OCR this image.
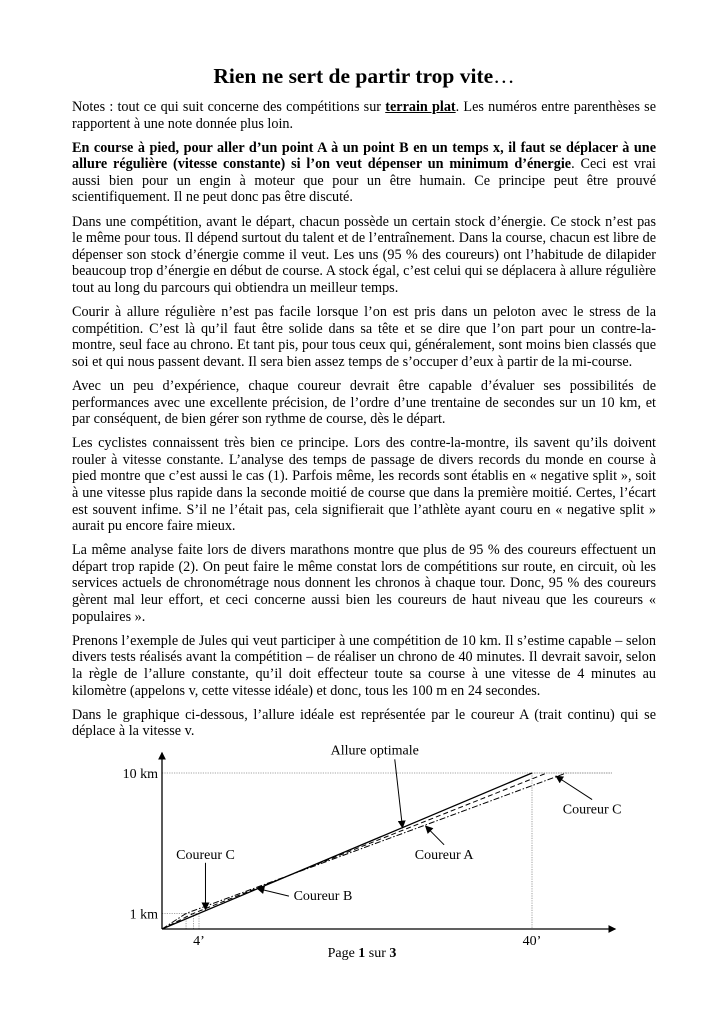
Rien ne sert de partir trop vite…

Notes : tout ce qui suit concerne des compétitions sur terrain plat. Les numéros entre parenthèses se rapportent à une note donnée plus loin.

En course à pied, pour aller d’un point A à un point B en un temps x, il faut se déplacer à une allure régulière (vitesse constante) si l’on veut dépenser un minimum d’énergie. Ceci est vrai aussi bien pour un engin à moteur que pour un être humain. Ce principe peut être prouvé scientifiquement. Il ne peut donc pas être discuté.

Dans une compétition, avant le départ, chacun possède un certain stock d’énergie. Ce stock n’est pas le même pour tous. Il dépend surtout du talent et de l’entraînement. Dans la course, chacun est libre de dépenser son stock d’énergie comme il veut. Les uns (95 % des coureurs) ont l’habitude de dilapider beaucoup trop d’énergie en début de course. A stock égal, c’est celui qui se déplacera à allure régulière tout au long du parcours qui obtiendra un meilleur temps.

Courir à allure régulière n’est pas facile lorsque l’on est pris dans un peloton avec le stress de la compétition. C’est là qu’il faut être solide dans sa tête et se dire que l’on part pour un contre-la-montre, seul face au chrono. Et tant pis, pour tous ceux qui, généralement, sont moins bien classés que soi et qui nous passent devant. Il sera bien assez temps de s’occuper d’eux à partir de la mi-course.

Avec un peu d’expérience, chaque coureur devrait être capable d’évaluer ses possibilités de performances avec une excellente précision, de l’ordre d’une trentaine de secondes sur un 10 km, et par conséquent, de bien gérer son rythme de course, dès le départ.

Les cyclistes connaissent très bien ce principe. Lors des contre-la-montre, ils savent qu’ils doivent rouler à vitesse constante. L’analyse des temps de passage de divers records du monde en course à pied montre que c’est aussi le cas (1). Parfois même, les records sont établis en « negative split », soit à une vitesse plus rapide dans la seconde moitié de course que dans la première moitié. Certes, l’écart est souvent infime. S’il ne l’était pas, cela signifierait que l’athlète ayant couru en « negative split » aurait pu encore faire mieux.

La même analyse faite lors de divers marathons montre que plus de 95 % des coureurs effectuent un départ trop rapide (2). On peut faire le même constat lors de compétitions sur route, en circuit, où les services actuels de chronométrage nous donnent les chronos à chaque tour. Donc, 95 % des coureurs gèrent mal leur effort, et ceci concerne aussi bien les coureurs de haut niveau que les coureurs « populaires ».

Prenons l’exemple de Jules qui veut participer à une compétition de 10 km. Il s’estime capable – selon divers tests réalisés avant la compétition – de réaliser un chrono de 40 minutes. Il devrait savoir, selon la règle de l’allure constante, qu’il doit effecteur toute sa course à une vitesse de 4 minutes au kilomètre (appelons v, cette vitesse idéale) et donc, tous les 100 m en 24 secondes.

Dans le graphique ci-dessous, l’allure idéale est représentée par le coureur A (trait continu) qui se déplace à la vitesse v.

Allure optimale
Coureur A
Coureur B
Coureur C
Coureur C
1 km
10 km
4’	40’
Page 1 sur 3
